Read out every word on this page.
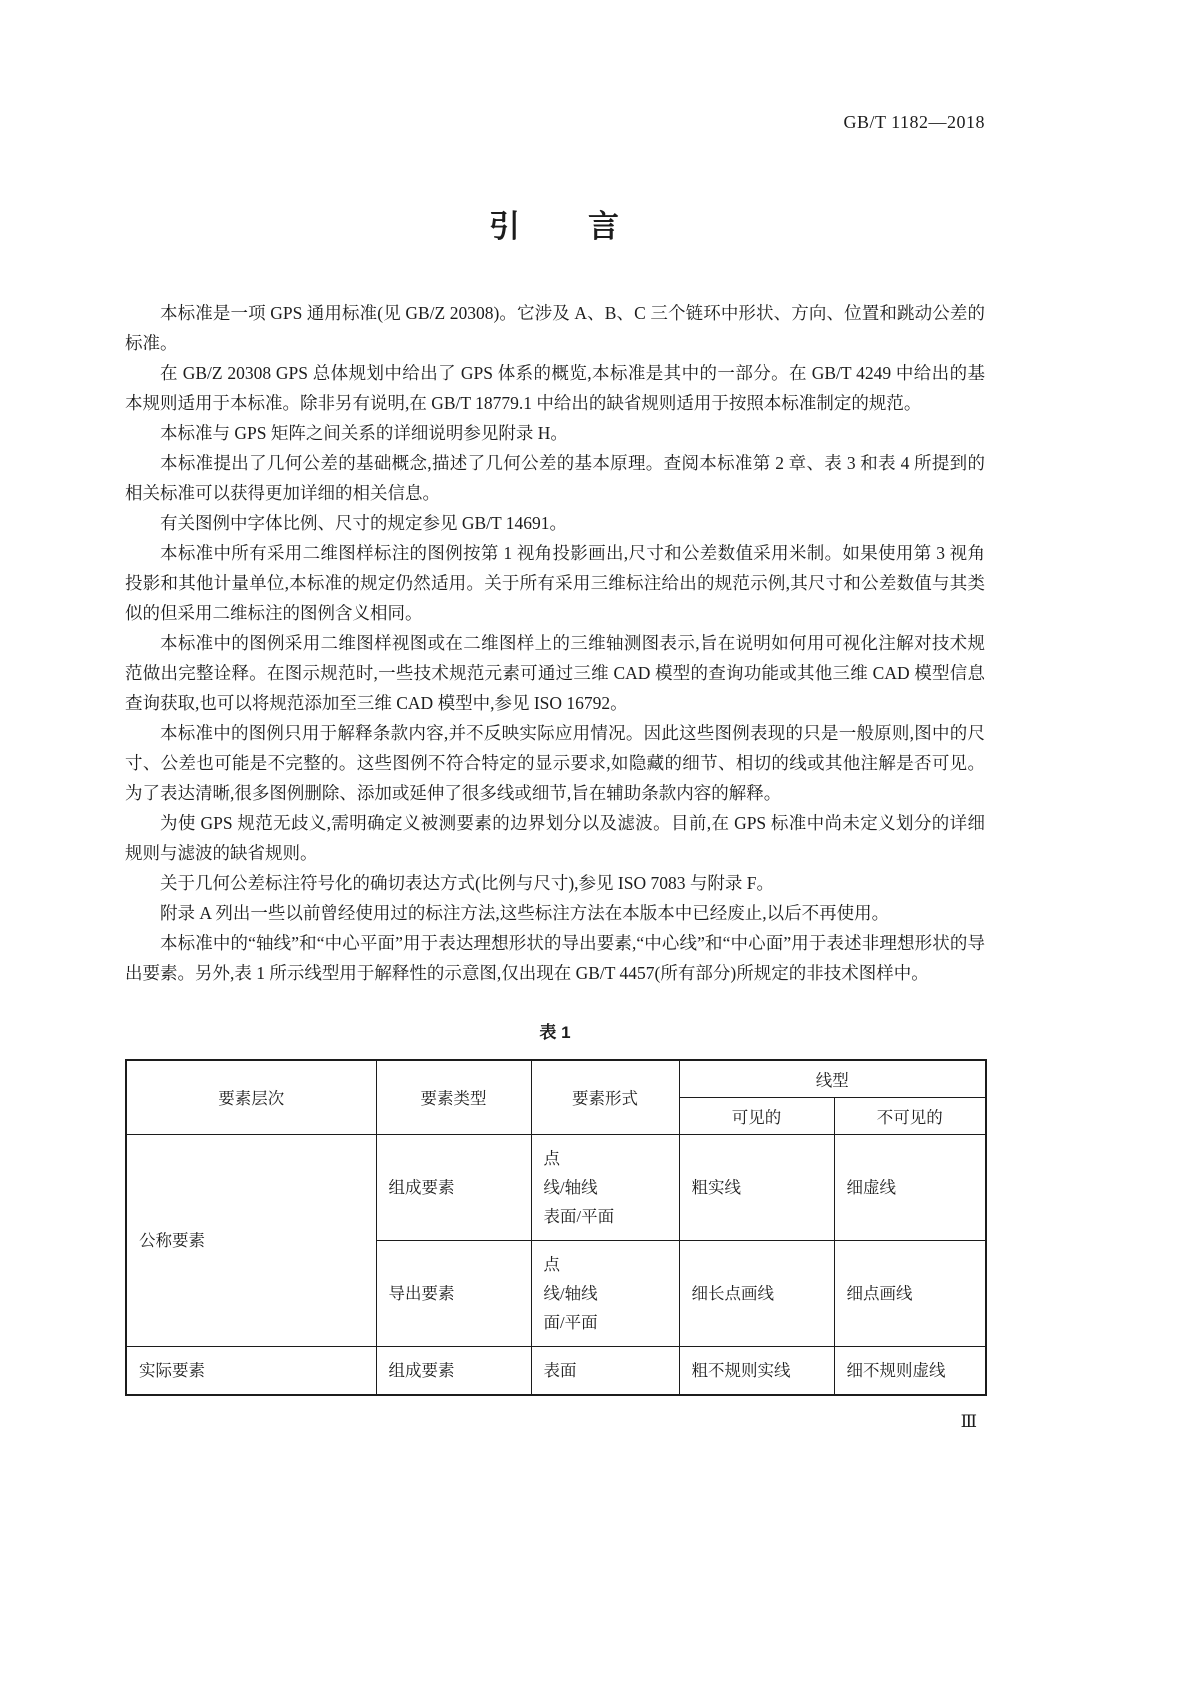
GB/T 1182—2018
引　　言

本标准是一项 GPS 通用标准(见 GB/Z 20308)。它涉及 A、B、C 三个链环中形状、方向、位置和跳动公差的标准。

在 GB/Z 20308 GPS 总体规划中给出了 GPS 体系的概览,本标准是其中的一部分。在 GB/T 4249 中给出的基本规则适用于本标准。除非另有说明,在 GB/T 18779.1 中给出的缺省规则适用于按照本标准制定的规范。

本标准与 GPS 矩阵之间关系的详细说明参见附录 H。

本标准提出了几何公差的基础概念,描述了几何公差的基本原理。查阅本标准第 2 章、表 3 和表 4 所提到的相关标准可以获得更加详细的相关信息。

有关图例中字体比例、尺寸的规定参见 GB/T 14691。

本标准中所有采用二维图样标注的图例按第 1 视角投影画出,尺寸和公差数值采用米制。如果使用第 3 视角投影和其他计量单位,本标准的规定仍然适用。关于所有采用三维标注给出的规范示例,其尺寸和公差数值与其类似的但采用二维标注的图例含义相同。

本标准中的图例采用二维图样视图或在二维图样上的三维轴测图表示,旨在说明如何用可视化注解对技术规范做出完整诠释。在图示规范时,一些技术规范元素可通过三维 CAD 模型的查询功能或其他三维 CAD 模型信息查询获取,也可以将规范添加至三维 CAD 模型中,参见 ISO 16792。

本标准中的图例只用于解释条款内容,并不反映实际应用情况。因此这些图例表现的只是一般原则,图中的尺寸、公差也可能是不完整的。这些图例不符合特定的显示要求,如隐藏的细节、相切的线或其他注解是否可见。为了表达清晰,很多图例删除、添加或延伸了很多线或细节,旨在辅助条款内容的解释。

为使 GPS 规范无歧义,需明确定义被测要素的边界划分以及滤波。目前,在 GPS 标准中尚未定义划分的详细规则与滤波的缺省规则。

关于几何公差标注符号化的确切表达方式(比例与尺寸),参见 ISO 7083 与附录 F。

附录 A 列出一些以前曾经使用过的标注方法,这些标注方法在本版本中已经废止,以后不再使用。

本标准中的“轴线”和“中心平面”用于表达理想形状的导出要素,“中心线”和“中心面”用于表述非理想形状的导出要素。另外,表 1 所示线型用于解释性的示意图,仅出现在 GB/T 4457(所有部分)所规定的非技术图样中。

表 1
要素层次	要素类型	要素形式	线型	
			可见的	不可见的
公称要素	组成要素	点
线/轴线
表面/平面	粗实线	细虚线
	导出要素	点
线/轴线
面/平面	细长点画线	细点画线
实际要素	组成要素	表面	粗不规则实线	细不规则虚线
Ⅲ
